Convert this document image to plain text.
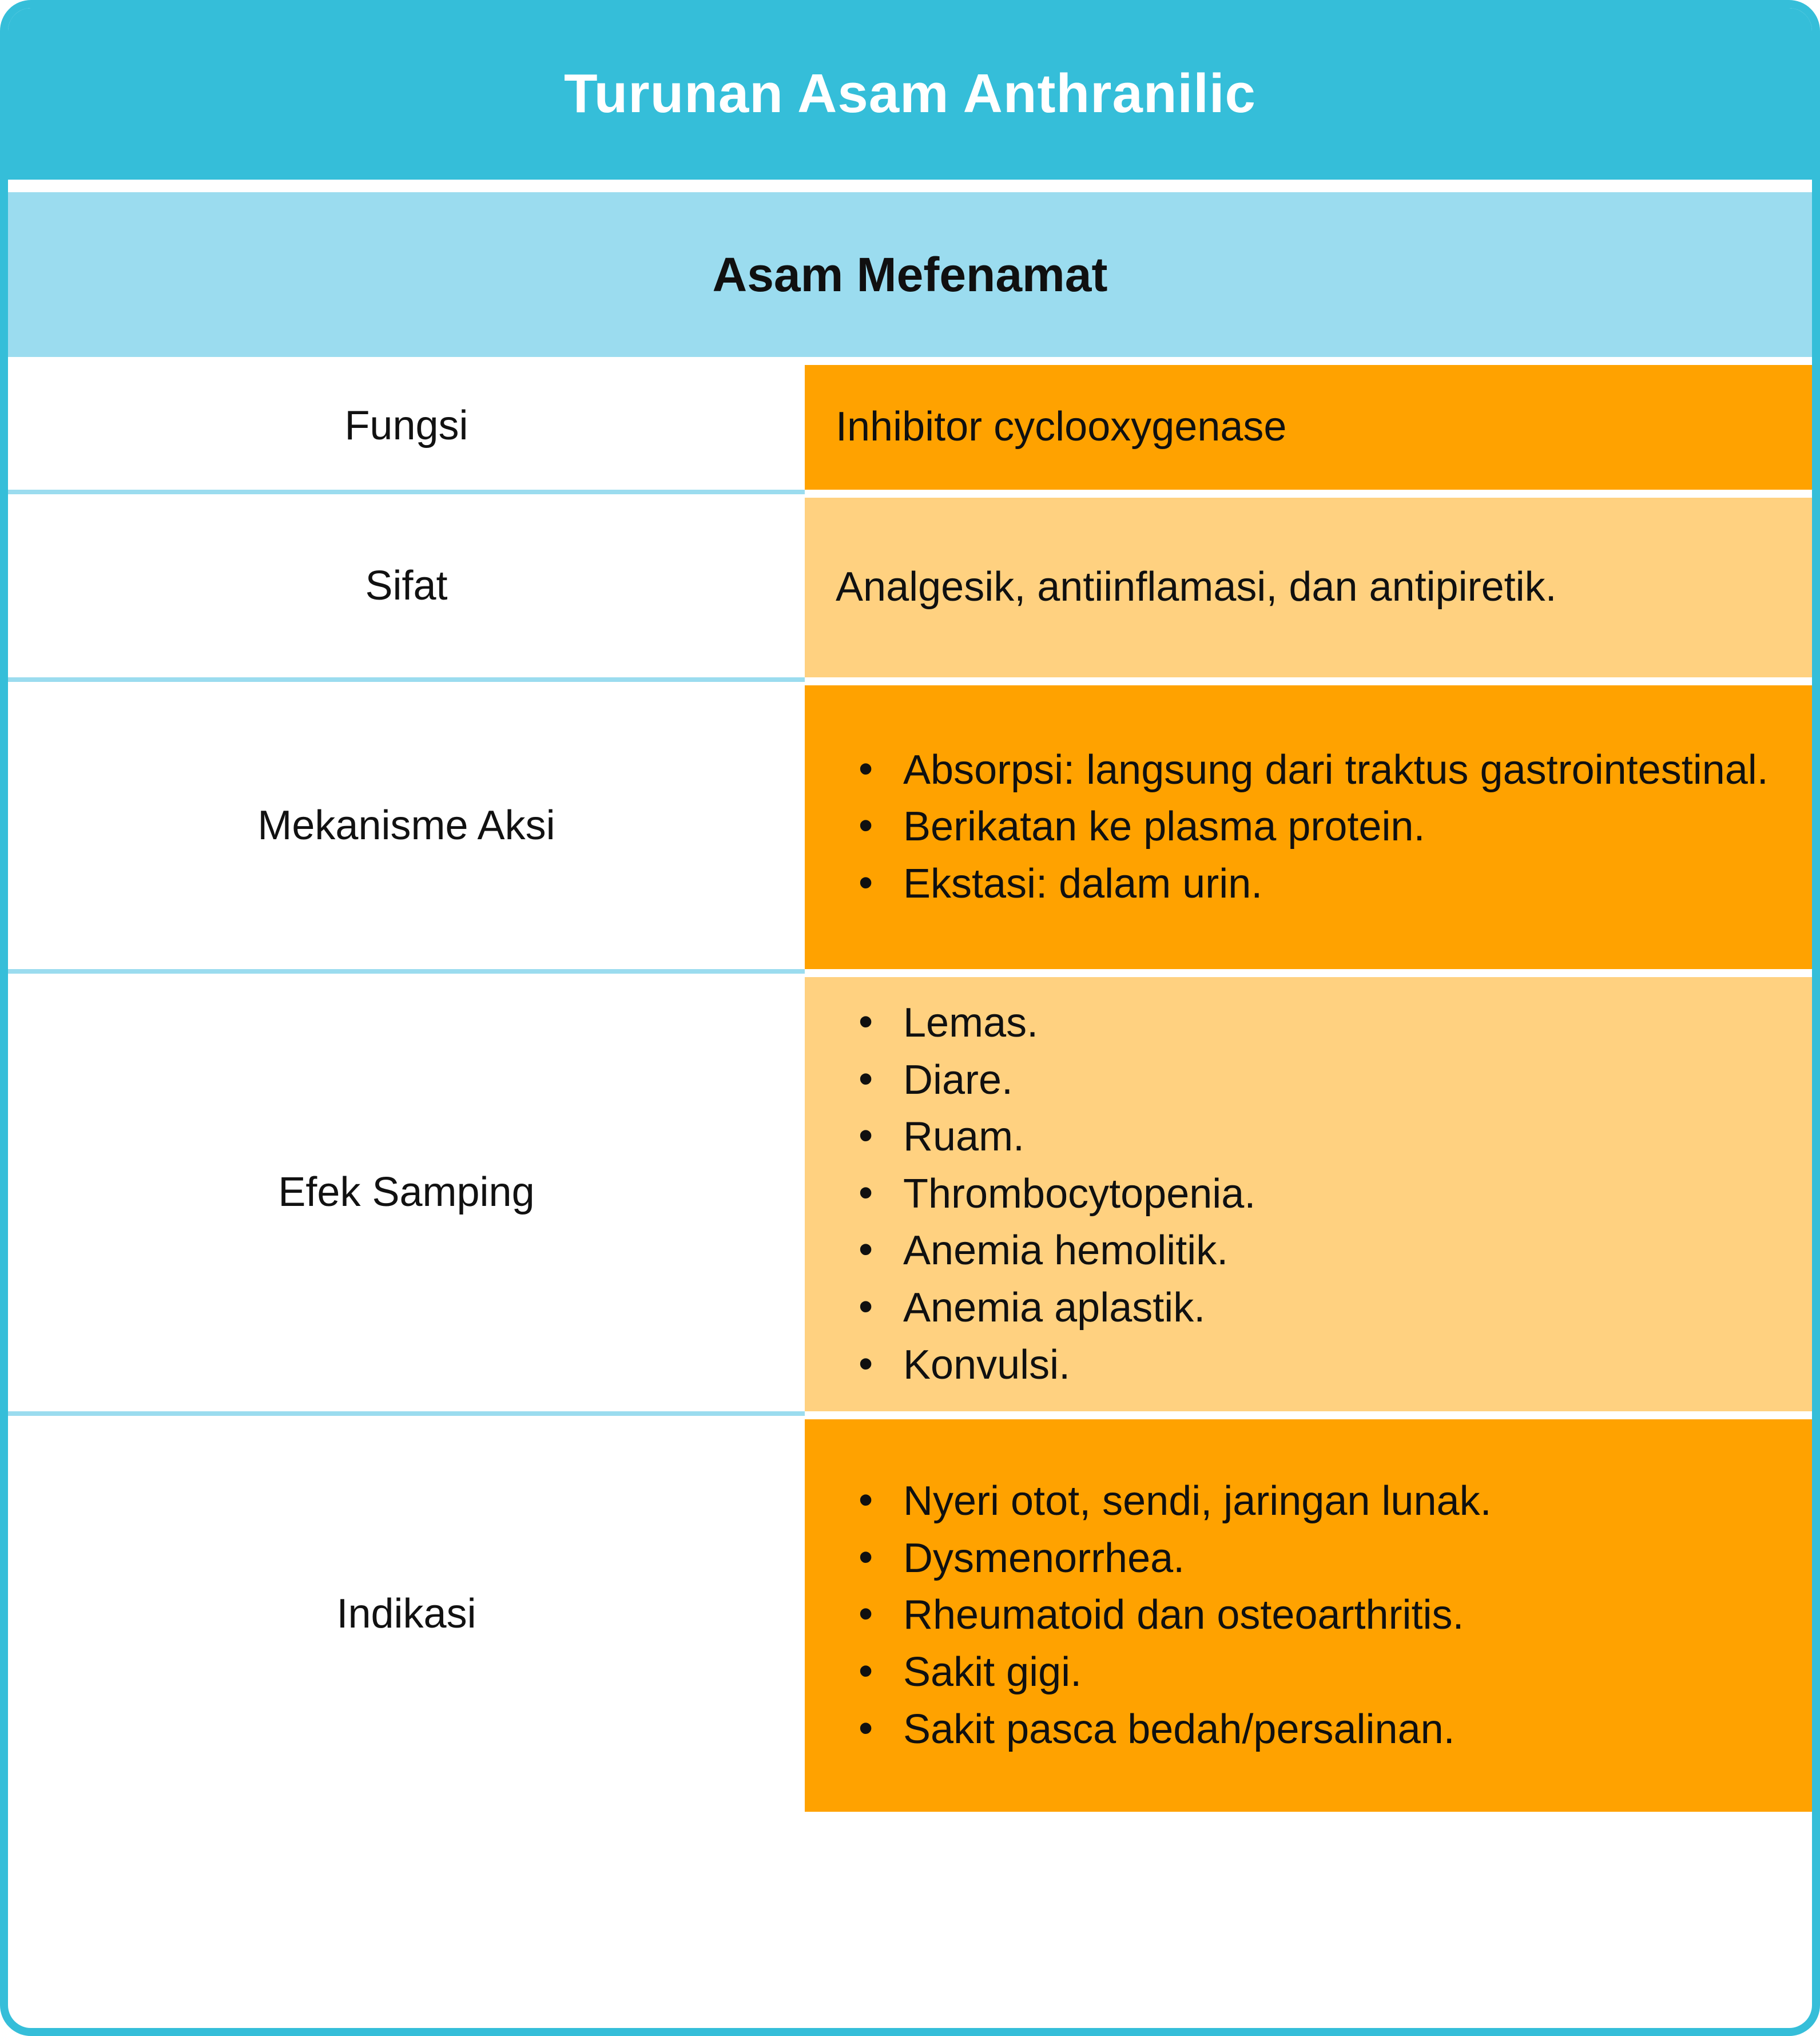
Turunan Asam Anthranilic
Asam Mefenamat
Fungsi	Inhibitor cyclooxygenase
Sifat	Analgesik, antiinflamasi, dan antipiretik.
Mekanisme Aksi
• Absorpsi: langsung dari traktus gastrointestinal.
• Berikatan ke plasma protein.
• Ekstasi: dalam urin.
Efek Samping
• Lemas.
• Diare.
• Ruam.
• Thrombocytopenia.
• Anemia hemolitik.
• Anemia aplastik.
• Konvulsi.
Indikasi
• Nyeri otot, sendi, jaringan lunak.
• Dysmenorrhea.
• Rheumatoid dan osteoarthritis.
• Sakit gigi.
• Sakit pasca bedah/persalinan.
